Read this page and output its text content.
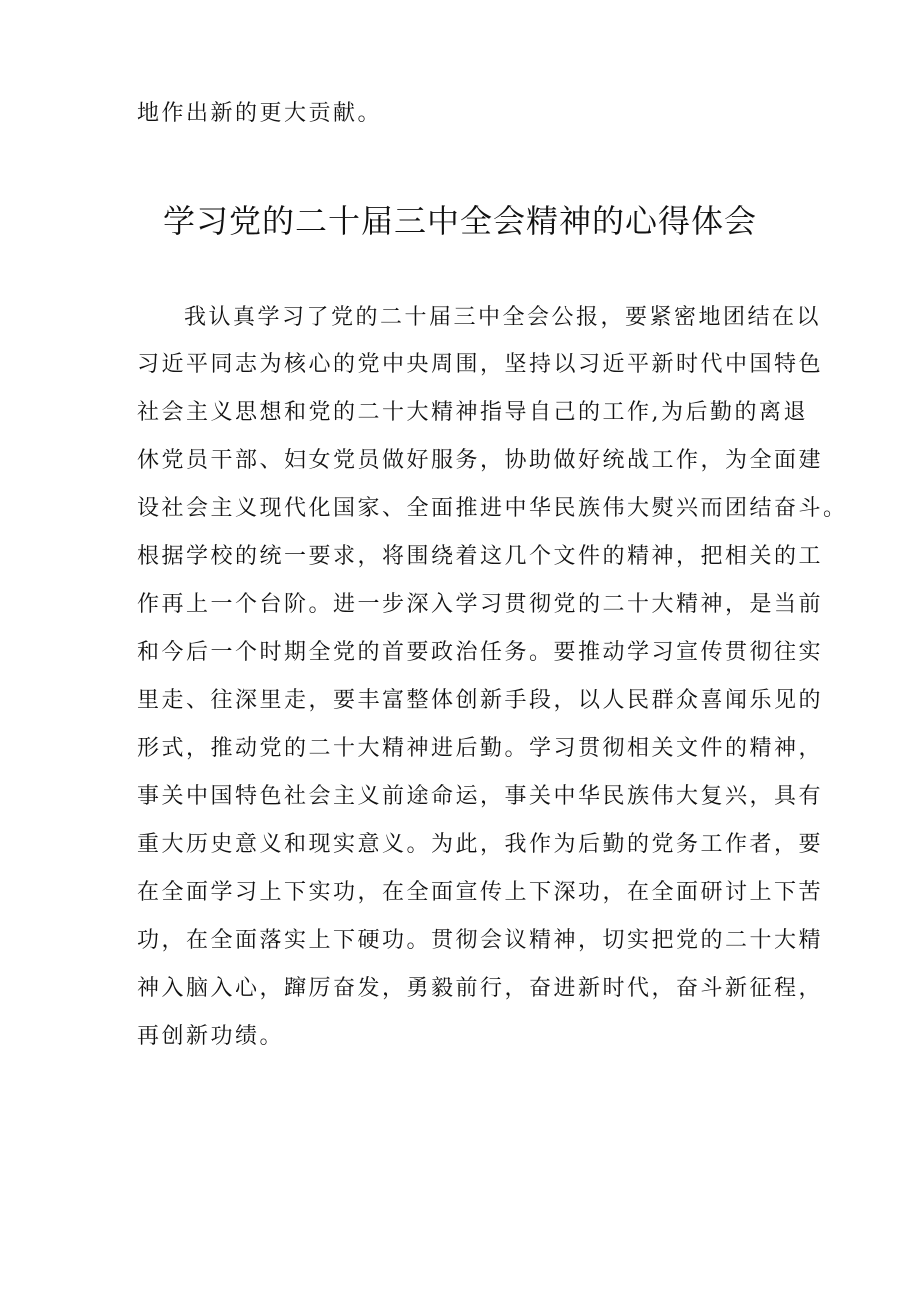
地作出新的更大贡献。
学习党的二十届三中全会精神的心得体会
我认真学习了党的二十届三中全会公报，要紧密地团结在以
习近平同志为核心的党中央周围，坚持以习近平新时代中国特色
社会主义思想和党的二十大精神指导自己的工作,为后勤的离退
休党员干部、妇女党员做好服务，协助做好统战工作，为全面建
设社会主义现代化国家、全面推进中华民族伟大熨兴而团结奋斗。
根据学校的统一要求，将围绕着这几个文件的精神，把相关的工
作再上一个台阶。进一步深入学习贯彻党的二十大精神，是当前
和今后一个时期全党的首要政治任务。要推动学习宣传贯彻往实
里走、往深里走，要丰富整体创新手段，以人民群众喜闻乐见的
形式，推动党的二十大精神进后勤。学习贯彻相关文件的精神，
事关中国特色社会主义前途命运，事关中华民族伟大复兴，具有
重大历史意义和现实意义。为此，我作为后勤的党务工作者，要
在全面学习上下实功，在全面宣传上下深功，在全面研讨上下苦
功，在全面落实上下硬功。贯彻会议精神，切实把党的二十大精
神入脑入心，蹿厉奋发，勇毅前行，奋进新时代，奋斗新征程，
再创新功绩。
